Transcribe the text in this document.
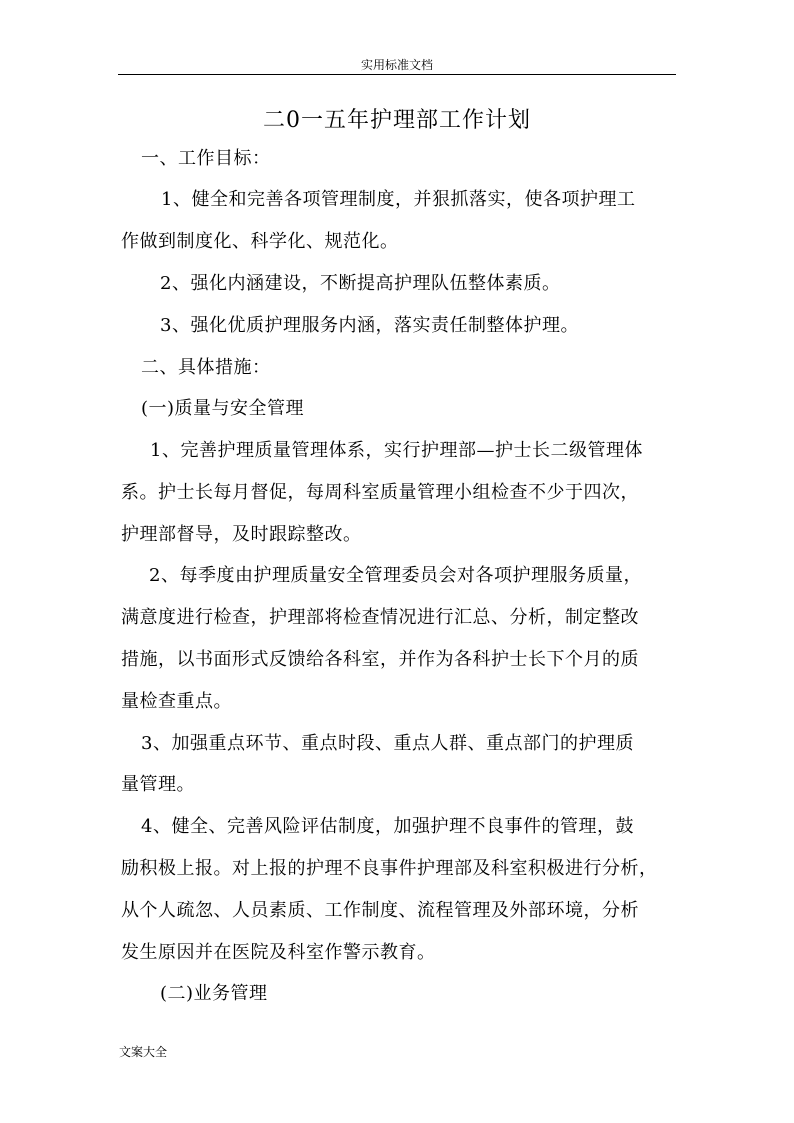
实用标准文档
二0一五年护理部工作计划
一、工作目标：
1、健全和完善各项管理制度，并狠抓落实，使各项护理工
作做到制度化、科学化、规范化。
2、强化内涵建设，不断提高护理队伍整体素质。
3、强化优质护理服务内涵，落实责任制整体护理。
二、具体措施：
(一)质量与安全管理
1、完善护理质量管理体系，实行护理部—护士长二级管理体
系。护士长每月督促，每周科室质量管理小组检查不少于四次，
护理部督导，及时跟踪整改。
2、每季度由护理质量安全管理委员会对各项护理服务质量，
满意度进行检查，护理部将检查情况进行汇总、分析，制定整改
措施，以书面形式反馈给各科室，并作为各科护士长下个月的质
量检查重点。
3、加强重点环节、重点时段、重点人群、重点部门的护理质
量管理。
4、健全、完善风险评估制度，加强护理不良事件的管理，鼓
励积极上报。对上报的护理不良事件护理部及科室积极进行分析，
从个人疏忽、人员素质、工作制度、流程管理及外部环境，分析
发生原因并在医院及科室作警示教育。
(二)业务管理
文案大全
